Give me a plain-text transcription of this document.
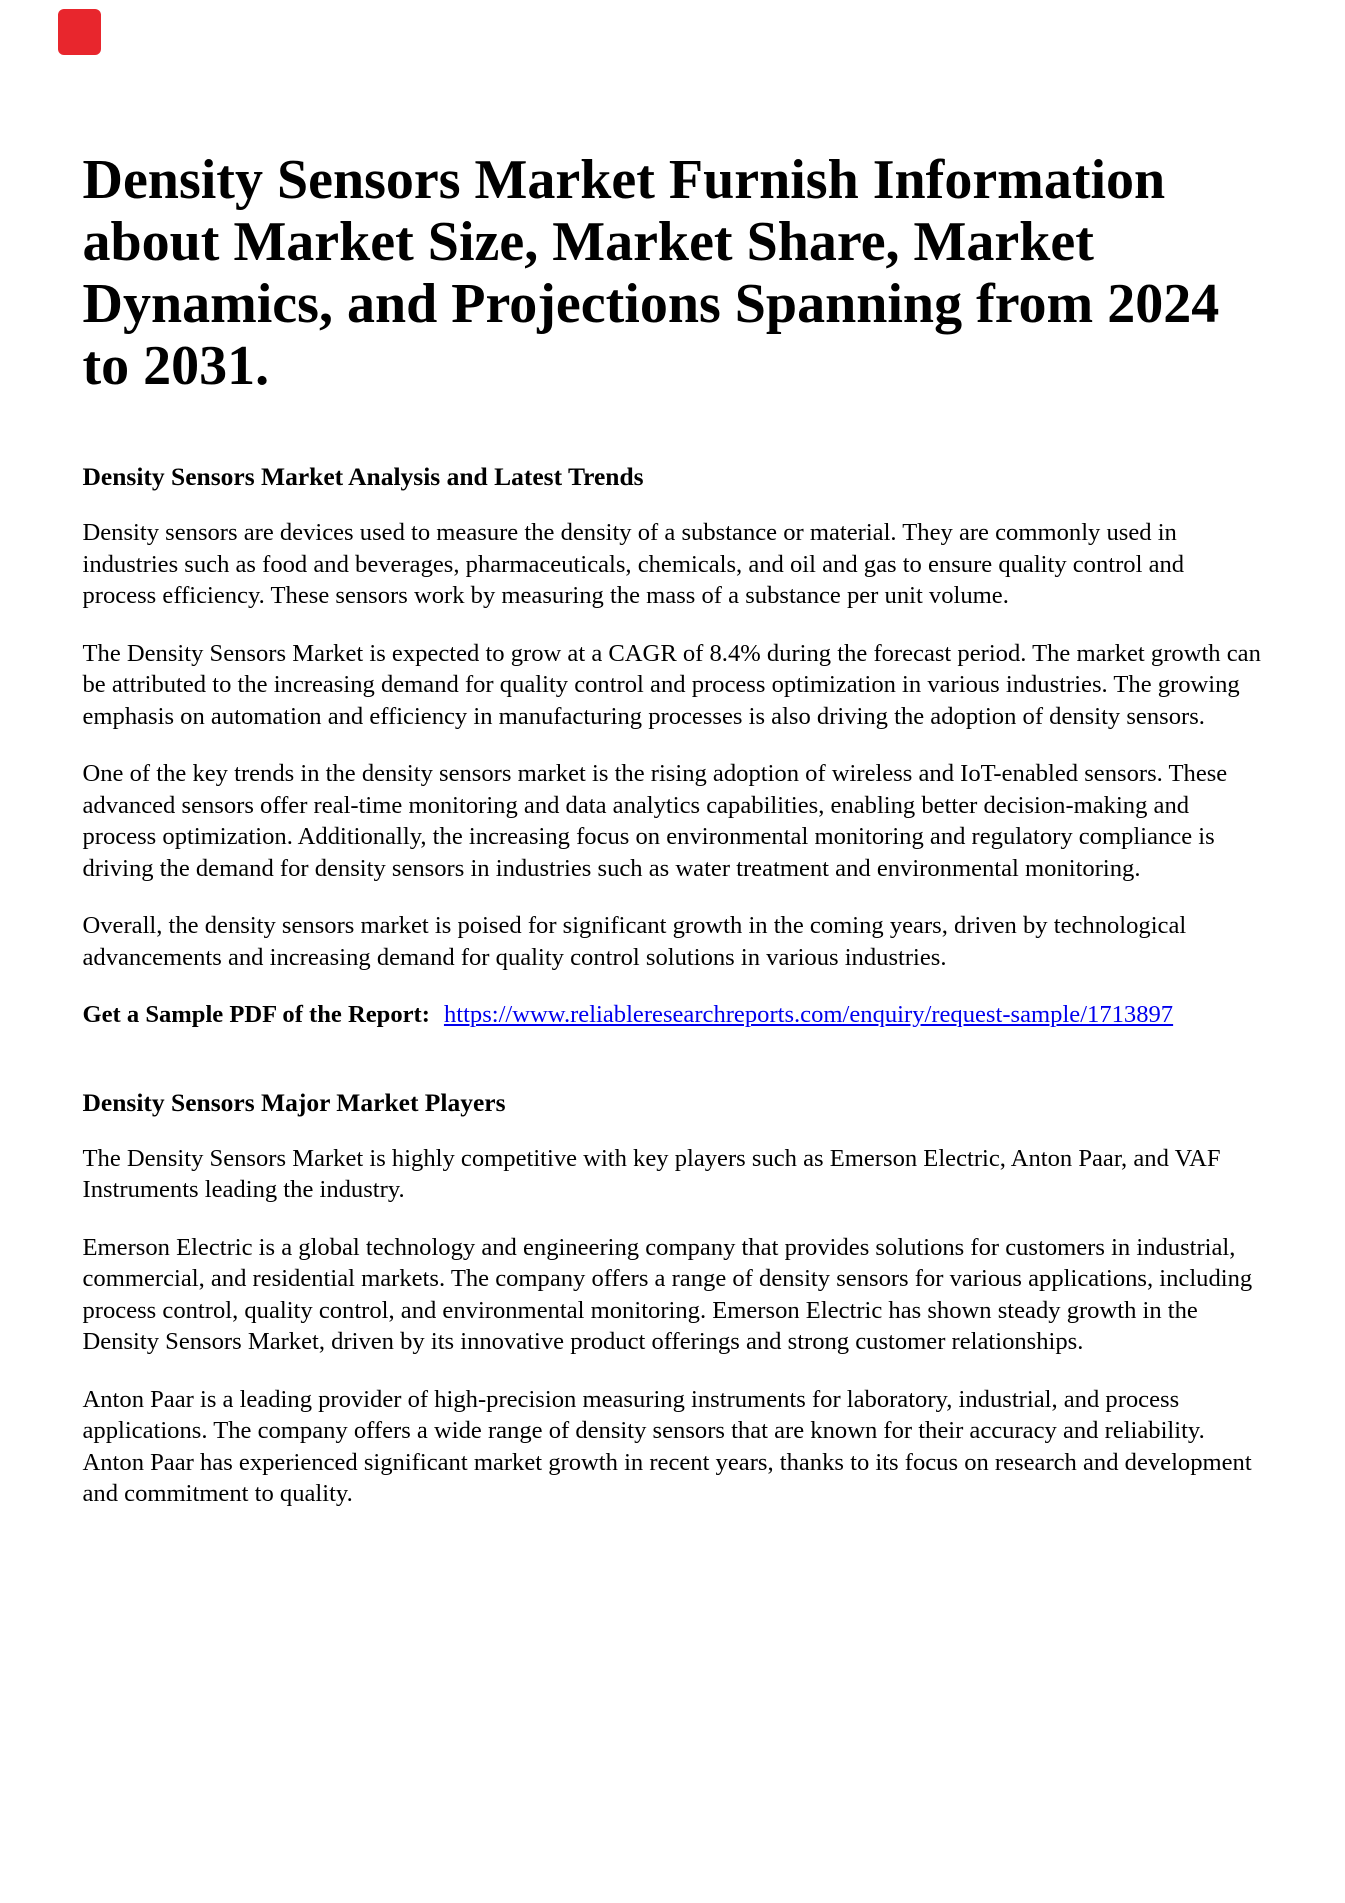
Density Sensors Market Furnish Information about Market Size, Market Share, Market Dynamics, and Projections Spanning from 2024 to 2031.
Density Sensors Market Analysis and Latest Trends

Density sensors are devices used to measure the density of a substance or material. They are commonly used in industries such as food and beverages, pharmaceuticals, chemicals, and oil and gas to ensure quality control and process efficiency. These sensors work by measuring the mass of a substance per unit volume.

The Density Sensors Market is expected to grow at a CAGR of 8.4% during the forecast period. The market growth can be attributed to the increasing demand for quality control and process optimization in various industries. The growing emphasis on automation and efficiency in manufacturing processes is also driving the adoption of density sensors.

One of the key trends in the density sensors market is the rising adoption of wireless and IoT-enabled sensors. These advanced sensors offer real-time monitoring and data analytics capabilities, enabling better decision-making and process optimization. Additionally, the increasing focus on environmental monitoring and regulatory compliance is driving the demand for density sensors in industries such as water treatment and environmental monitoring.

Overall, the density sensors market is poised for significant growth in the coming years, driven by technological advancements and increasing demand for quality control solutions in various industries.

Get a Sample PDF of the Report: https://www.reliableresearchreports.com/enquiry/request-sample/1713897

Density Sensors Major Market Players

The Density Sensors Market is highly competitive with key players such as Emerson Electric, Anton Paar, and VAF Instruments leading the industry.

Emerson Electric is a global technology and engineering company that provides solutions for customers in industrial, commercial, and residential markets. The company offers a range of density sensors for various applications, including process control, quality control, and environmental monitoring. Emerson Electric has shown steady growth in the Density Sensors Market, driven by its innovative product offerings and strong customer relationships.

Anton Paar is a leading provider of high-precision measuring instruments for laboratory, industrial, and process applications. The company offers a wide range of density sensors that are known for their accuracy and reliability. Anton Paar has experienced significant market growth in recent years, thanks to its focus on research and development and commitment to quality.
